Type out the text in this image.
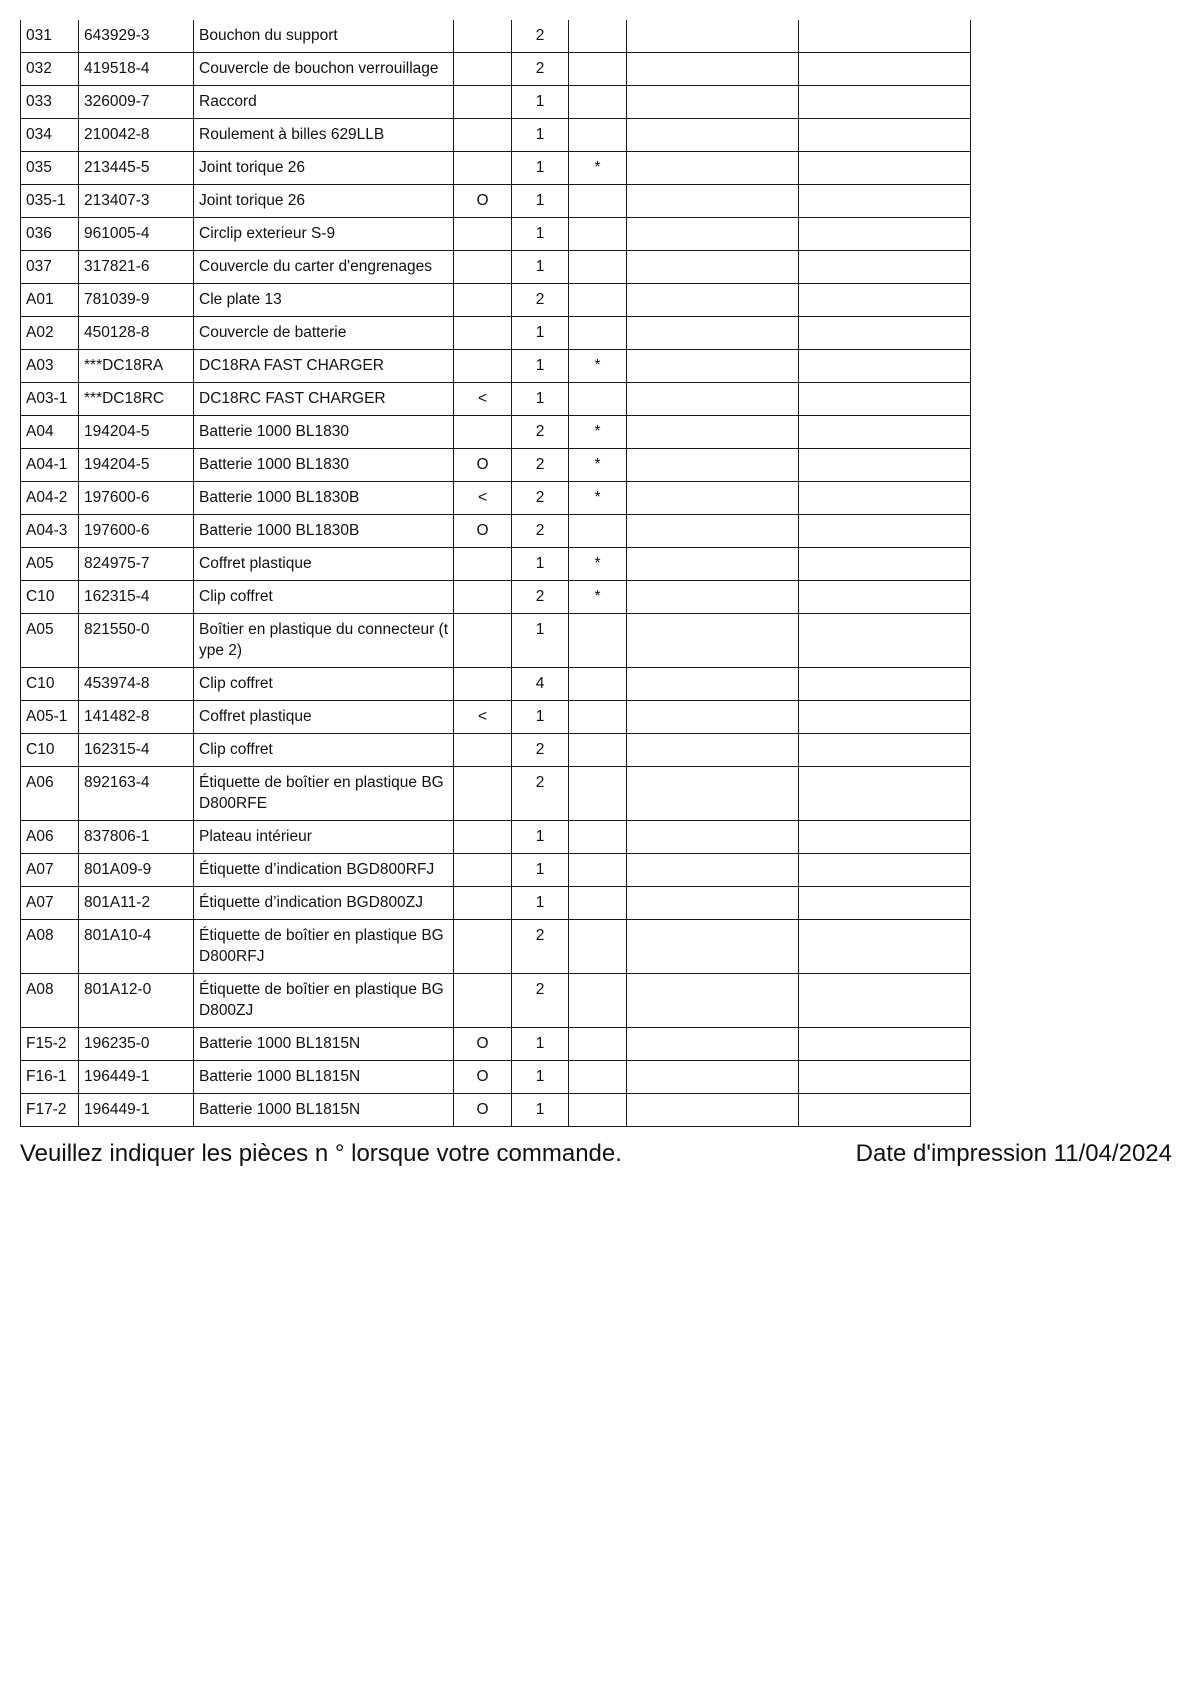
031	643929-3	Bouchon du support		2			
032	419518-4	Couvercle de bouchon verrouillage		2			
033	326009-7	Raccord		1			
034	210042-8	Roulement à billes 629LLB		1			
035	213445-5	Joint torique 26		1	*		
035-1	213407-3	Joint torique 26	O	1			
036	961005-4	Circlip exterieur S-9		1			
037	317821-6	Couvercle du carter d'engrenages		1			
A01	781039-9	Cle plate 13		2			
A02	450128-8	Couvercle de batterie		1			
A03	***DC18RA	DC18RA FAST CHARGER		1	*		
A03-1	***DC18RC	DC18RC FAST CHARGER	<	1			
A04	194204-5	Batterie 1000 BL1830		2	*		
A04-1	194204-5	Batterie 1000 BL1830	O	2	*		
A04-2	197600-6	Batterie 1000 BL1830B	<	2	*		
A04-3	197600-6	Batterie 1000 BL1830B	O	2			
A05	824975-7	Coffret plastique		1	*		
C10	162315-4	Clip coffret		2	*		
A05	821550-0	Boîtier en plastique du connecteur (type 2)		1			
C10	453974-8	Clip coffret		4			
A05-1	141482-8	Coffret plastique	<	1			
C10	162315-4	Clip coffret		2			
A06	892163-4	Étiquette de boîtier en plastique BGD800RFE		2			
A06	837806-1	Plateau intérieur		1			
A07	801A09-9	Étiquette d’indication BGD800RFJ		1			
A07	801A11-2	Étiquette d’indication BGD800ZJ		1			
A08	801A10-4	Étiquette de boîtier en plastique BGD800RFJ		2			
A08	801A12-0	Étiquette de boîtier en plastique BGD800ZJ		2			
F15-2	196235-0	Batterie 1000 BL1815N	O	1			
F16-1	196449-1	Batterie 1000 BL1815N	O	1			
F17-2	196449-1	Batterie 1000 BL1815N	O	1			
Veuillez indiquer les pièces n ° lorsque votre commande.	Date d'impression 11/04/2024
